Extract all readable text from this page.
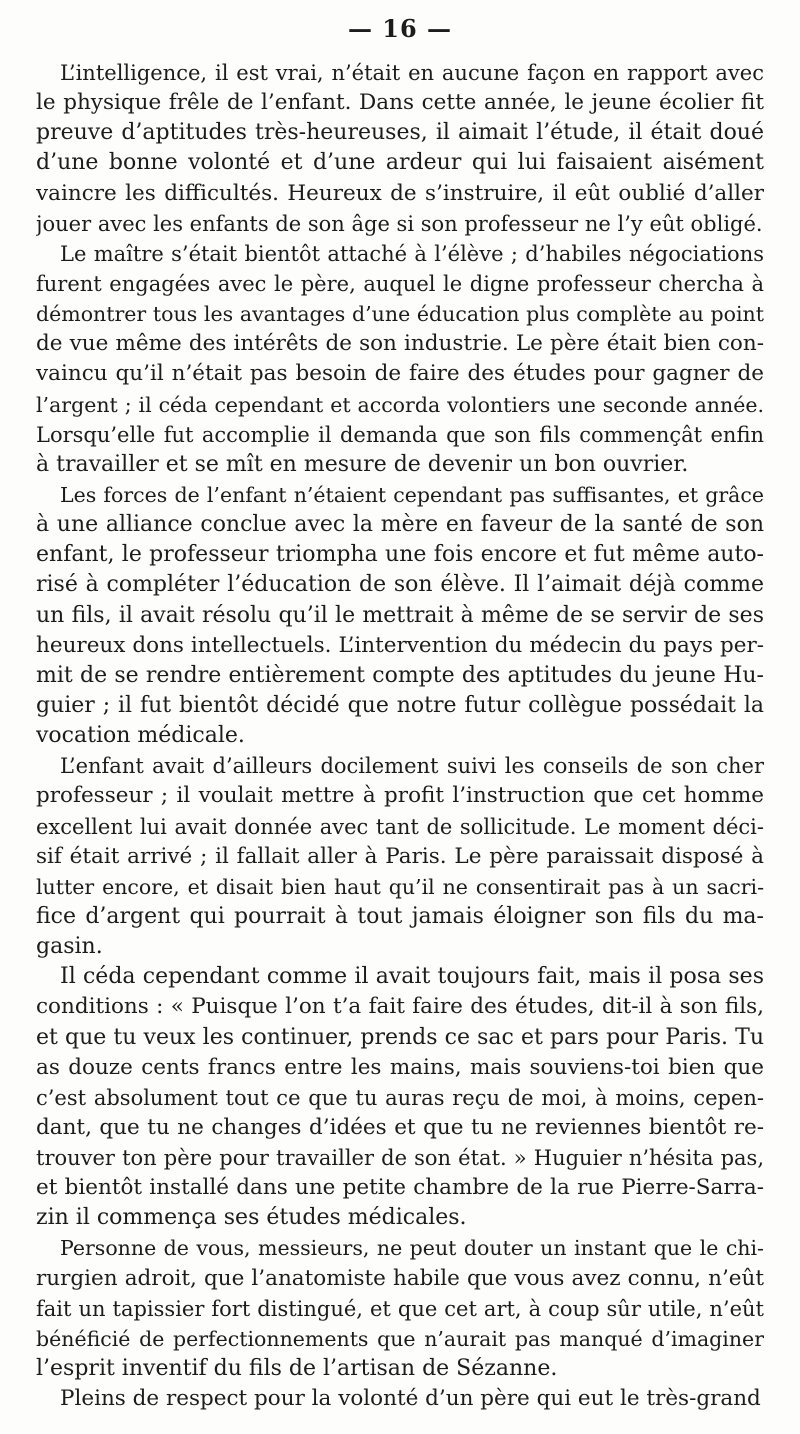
— 16 —
L’intelligence, il est vrai, n’était en aucune façon en rapport avec
le physique frêle de l’enfant. Dans cette année, le jeune écolier fit
preuve d’aptitudes très-heureuses, il aimait l’étude, il était doué
d’une bonne volonté et d’une ardeur qui lui faisaient aisément
vaincre les difficultés. Heureux de s’instruire, il eût oublié d’aller
jouer avec les enfants de son âge si son professeur ne l’y eût obligé.
Le maître s’était bientôt attaché à l’élève ; d’habiles négociations
furent engagées avec le père, auquel le digne professeur chercha à
démontrer tous les avantages d’une éducation plus complète au point
de vue même des intérêts de son industrie. Le père était bien con-
vaincu qu’il n’était pas besoin de faire des études pour gagner de
l’argent ; il céda cependant et accorda volontiers une seconde année.
Lorsqu’elle fut accomplie il demanda que son fils commençât enfin
à travailler et se mît en mesure de devenir un bon ouvrier.
Les forces de l’enfant n’étaient cependant pas suffisantes, et grâce
à une alliance conclue avec la mère en faveur de la santé de son
enfant, le professeur triompha une fois encore et fut même auto-
risé à compléter l’éducation de son élève. Il l’aimait déjà comme
un fils, il avait résolu qu’il le mettrait à même de se servir de ses
heureux dons intellectuels. L’intervention du médecin du pays per-
mit de se rendre entièrement compte des aptitudes du jeune Hu-
guier ; il fut bientôt décidé que notre futur collègue possédait la
vocation médicale.
L’enfant avait d’ailleurs docilement suivi les conseils de son cher
professeur ; il voulait mettre à profit l’instruction que cet homme
excellent lui avait donnée avec tant de sollicitude. Le moment déci-
sif était arrivé ; il fallait aller à Paris. Le père paraissait disposé à
lutter encore, et disait bien haut qu’il ne consentirait pas à un sacri-
fice d’argent qui pourrait à tout jamais éloigner son fils du ma-
gasin.
Il céda cependant comme il avait toujours fait, mais il posa ses
conditions : « Puisque l’on t’a fait faire des études, dit-il à son fils,
et que tu veux les continuer, prends ce sac et pars pour Paris. Tu
as douze cents francs entre les mains, mais souviens-toi bien que
c’est absolument tout ce que tu auras reçu de moi, à moins, cepen-
dant, que tu ne changes d’idées et que tu ne reviennes bientôt re-
trouver ton père pour travailler de son état. » Huguier n’hésita pas,
et bientôt installé dans une petite chambre de la rue Pierre-Sarra-
zin il commença ses études médicales.
Personne de vous, messieurs, ne peut douter un instant que le chi-
rurgien adroit, que l’anatomiste habile que vous avez connu, n’eût
fait un tapissier fort distingué, et que cet art, à coup sûr utile, n’eût
bénéficié de perfectionnements que n’aurait pas manqué d’imaginer
l’esprit inventif du fils de l’artisan de Sézanne.
Pleins de respect pour la volonté d’un père qui eut le très-grand
